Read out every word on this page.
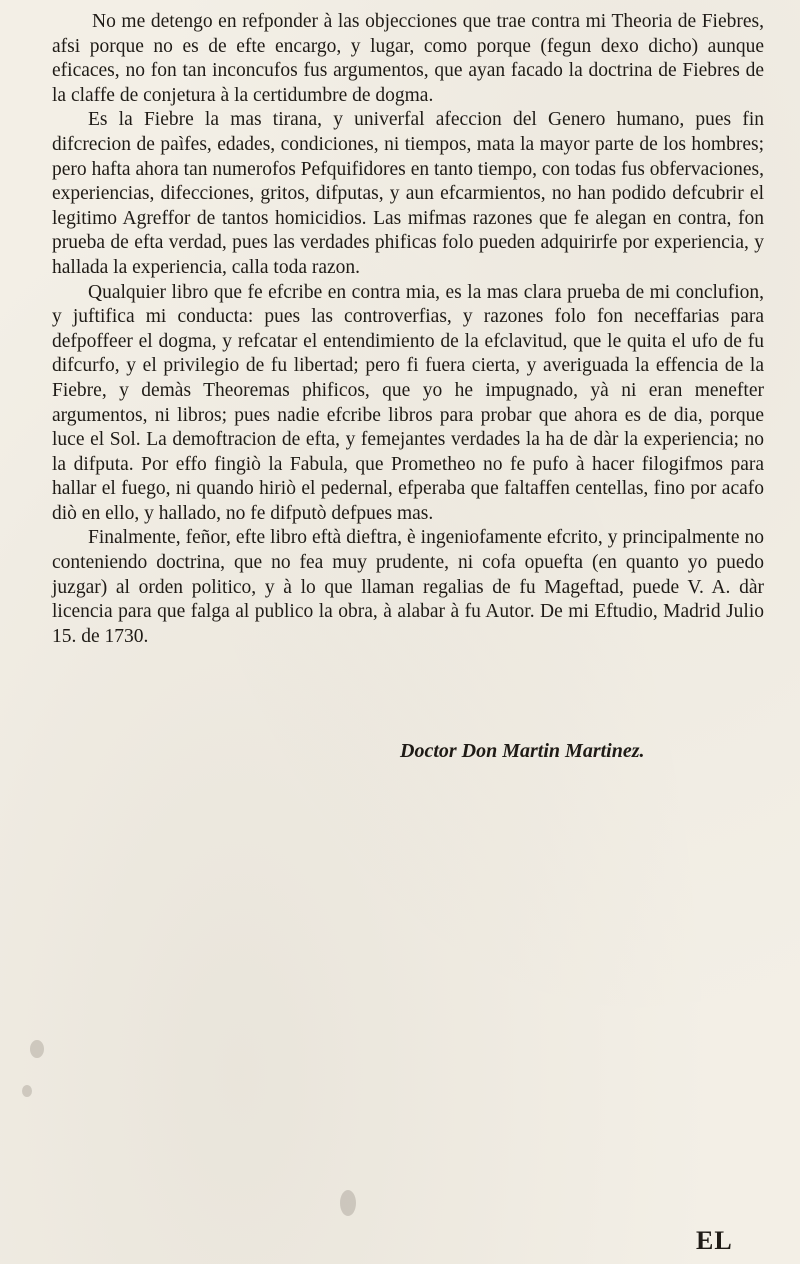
No me detengo en refponder à las objecciones que trae contra mi Theoria de Fiebres, afsi porque no es de efte encargo, y lugar, como porque (fegun dexo dicho) aunque eficaces, no fon tan inconcufos fus argumentos, que ayan facado la doctrina de Fiebres de la claffe de conjetura à la certidumbre de dogma.

Es la Fiebre la mas tirana, y univerfal afeccion del Genero humano, pues fin difcrecion de paìfes, edades, condiciones, ni tiempos, mata la mayor parte de los hombres; pero hafta ahora tan numerofos Pefquifidores en tanto tiempo, con todas fus obfervaciones, experiencias, difecciones, gritos, difputas, y aun efcarmientos, no han podido defcubrir el legitimo Agreffor de tantos homicidios. Las mifmas razones que fe alegan en contra, fon prueba de efta verdad, pues las verdades phificas folo pueden adquirirfe por experiencia, y hallada la experiencia, calla toda razon.

Qualquier libro que fe efcribe en contra mia, es la mas clara prueba de mi conclufion, y juftifica mi conducta: pues las controverfias, y razones folo fon neceffarias para defpoffeer el dogma, y refcatar el entendimiento de la efclavitud, que le quita el ufo de fu difcurfo, y el privilegio de fu libertad; pero fi fuera cierta, y averiguada la effencia de la Fiebre, y demàs Theoremas phificos, que yo he impugnado, yà ni eran menefter argumentos, ni libros; pues nadie efcribe libros para probar que ahora es de dia, porque luce el Sol. La demoftracion de efta, y femejantes verdades la ha de dàr la experiencia; no la difputa. Por effo fingiò la Fabula, que Prometheo no fe pufo à hacer filogifmos para hallar el fuego, ni quando hiriò el pedernal, efperaba que faltaffen centellas, fino por acafo diò en ello, y hallado, no fe difputò defpues mas.

Finalmente, feñor, efte libro eftà dieftra, è ingeniofamente efcrito, y principalmente no conteniendo doctrina, que no fea muy prudente, ni cofa opuefta (en quanto yo puedo juzgar) al orden politico, y à lo que llaman regalias de fu Mageftad, puede V. A. dàr licencia para que falga al publico la obra, à alabar à fu Autor. De mi Eftudio, Madrid Julio 15. de 1730.

Doctor Don Martin Martinez.
EL
